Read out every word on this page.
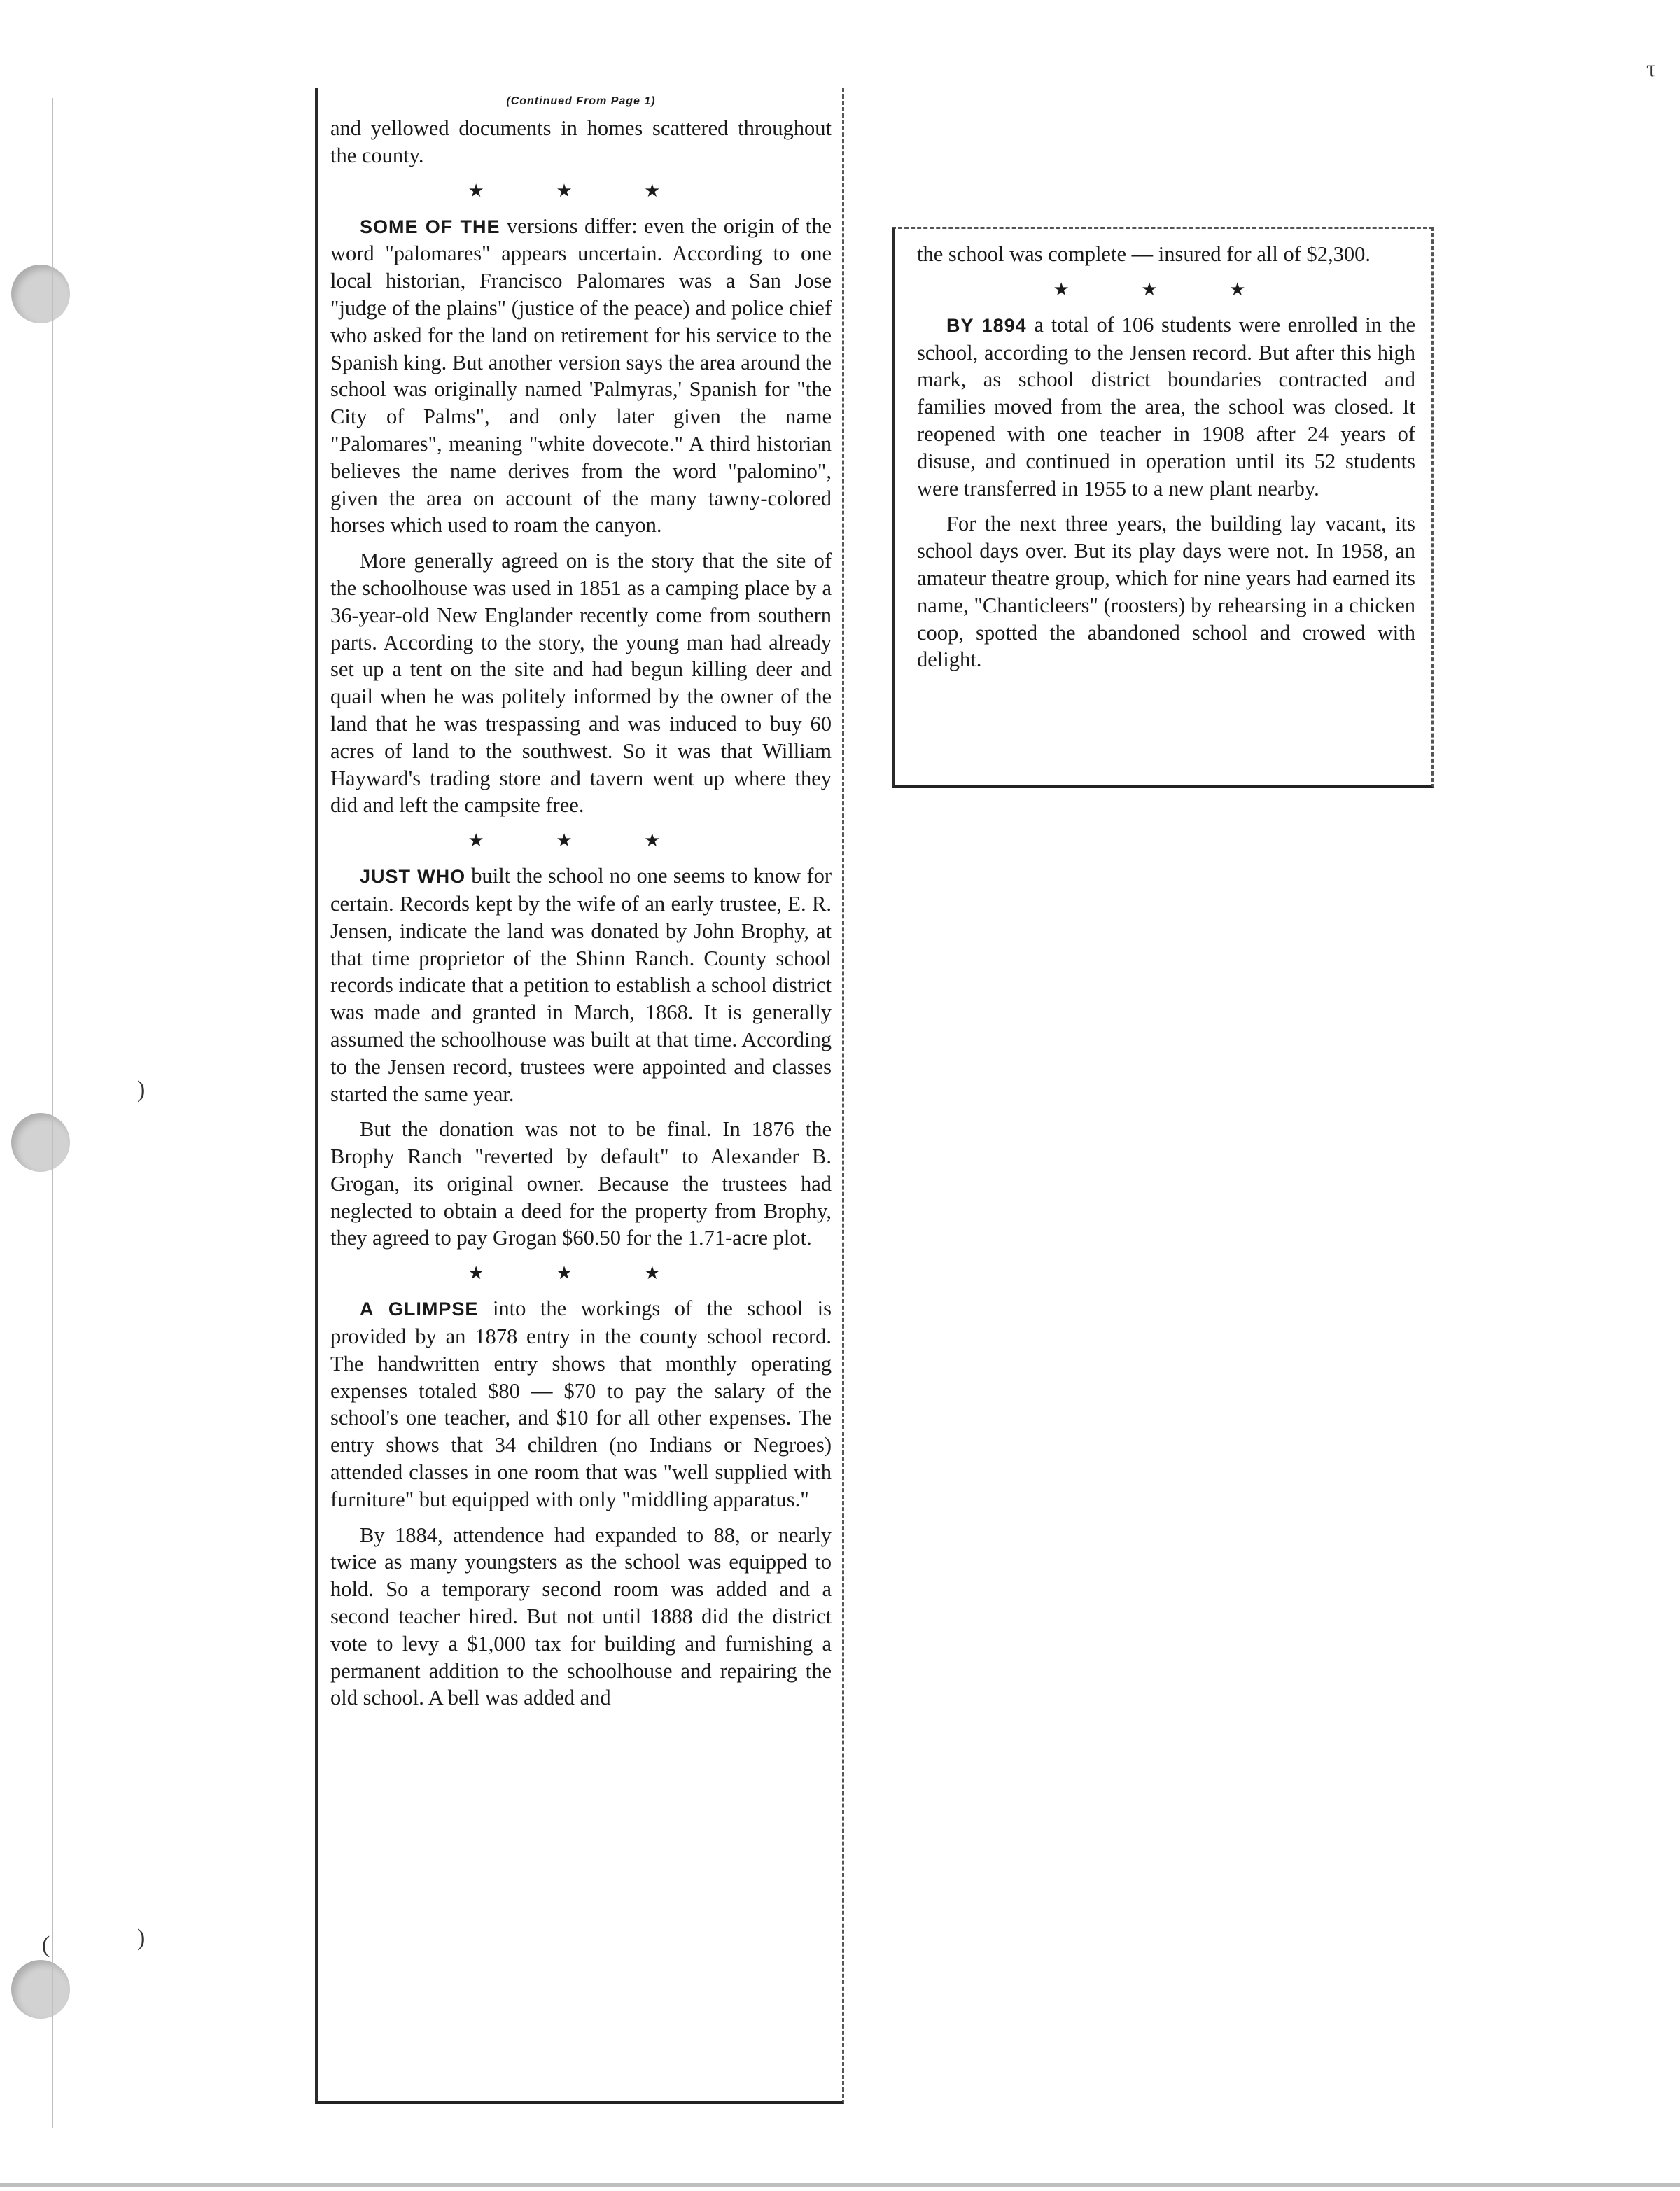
τ
)
)
(
(Continued From Page 1)

and yellowed documents in homes scattered throughout the county.

★ ★ ★

SOME OF THE versions differ: even the origin of the word "palomares" appears uncertain. According to one local historian, Francisco Palomares was a San Jose "judge of the plains" (justice of the peace) and police chief who asked for the land on retirement for his service to the Spanish king. But another version says the area around the school was originally named 'Palmyras,' Spanish for "the City of Palms", and only later given the name "Palomares", meaning "white dovecote." A third historian believes the name derives from the word "palomino", given the area on account of the many tawny-colored horses which used to roam the canyon.

More generally agreed on is the story that the site of the schoolhouse was used in 1851 as a camping place by a 36-year-old New Englander recently come from southern parts. According to the story, the young man had already set up a tent on the site and had begun killing deer and quail when he was politely informed by the owner of the land that he was trespassing and was induced to buy 60 acres of land to the southwest. So it was that William Hayward's trading store and tavern went up where they did and left the campsite free.

★ ★ ★

JUST WHO built the school no one seems to know for certain. Records kept by the wife of an early trustee, E. R. Jensen, indicate the land was donated by John Brophy, at that time proprietor of the Shinn Ranch. County school records indicate that a petition to establish a school district was made and granted in March, 1868. It is generally assumed the schoolhouse was built at that time. According to the Jensen record, trustees were appointed and classes started the same year.

But the donation was not to be final. In 1876 the Brophy Ranch "reverted by default" to Alexander B. Grogan, its original owner. Because the trustees had neglected to obtain a deed for the property from Brophy, they agreed to pay Grogan $60.50 for the 1.71-acre plot.

★ ★ ★

A GLIMPSE into the workings of the school is provided by an 1878 entry in the county school record. The handwritten entry shows that monthly operating expenses totaled $80 — $70 to pay the salary of the school's one teacher, and $10 for all other expenses. The entry shows that 34 children (no Indians or Negroes) attended classes in one room that was "well supplied with furniture" but equipped with only "middling apparatus."

By 1884, attendence had expanded to 88, or nearly twice as many youngsters as the school was equipped to hold. So a temporary second room was added and a second teacher hired. But not until 1888 did the district vote to levy a $1,000 tax for building and furnishing a permanent addition to the schoolhouse and repairing the old school. A bell was added and

the school was complete — insured for all of $2,300.

★ ★ ★

BY 1894 a total of 106 students were enrolled in the school, according to the Jensen record. But after this high mark, as school district boundaries contracted and families moved from the area, the school was closed. It reopened with one teacher in 1908 after 24 years of disuse, and continued in operation until its 52 students were transferred in 1955 to a new plant nearby.

For the next three years, the building lay vacant, its school days over. But its play days were not. In 1958, an amateur theatre group, which for nine years had earned its name, "Chanticleers" (roosters) by rehearsing in a chicken coop, spotted the abandoned school and crowed with delight.
